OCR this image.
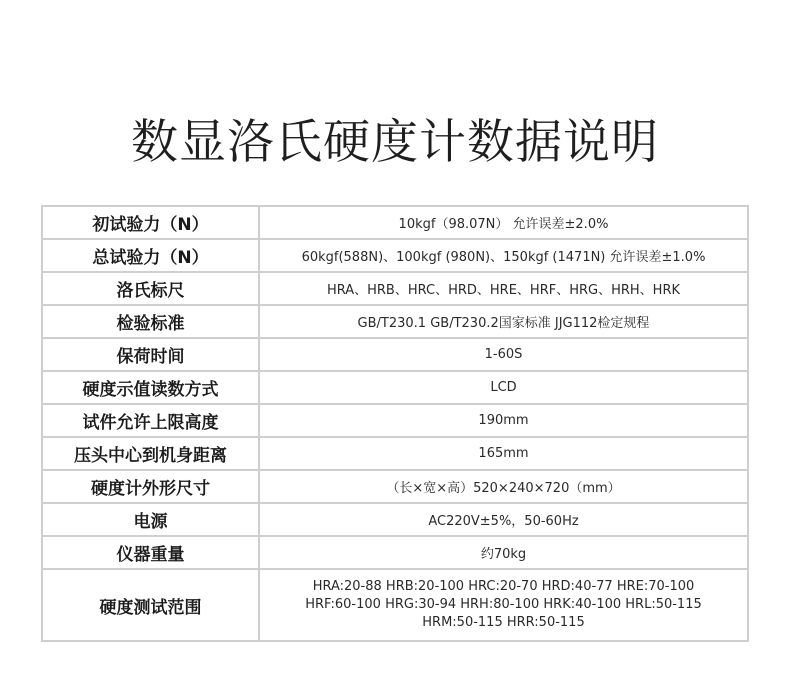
数显洛氏硬度计数据说明
初试验力（N）	10kgf（98.07N） 允许误差±2.0%
总试验力（N）	60kgf(588N)、100kgf (980N)、150kgf (1471N) 允许误差±1.0%
洛氏标尺	HRA、HRB、HRC、HRD、HRE、HRF、HRG、HRH、HRK
检验标准	GB/T230.1 GB/T230.2国家标准 JJG112检定规程
保荷时间	1-60S
硬度示值读数方式	LCD
试件允许上限高度	190mm
压头中心到机身距离	165mm
硬度计外形尺寸	（长×宽×高）520×240×720（mm）
电源	AC220V±5%，50-60Hz
仪器重量	约70kg
硬度测试范围	HRA:20-88 HRB:20-100 HRC:20-70 HRD:40-77 HRE:70-100
HRF:60-100 HRG:30-94 HRH:80-100 HRK:40-100 HRL:50-115
HRM:50-115 HRR:50-115
